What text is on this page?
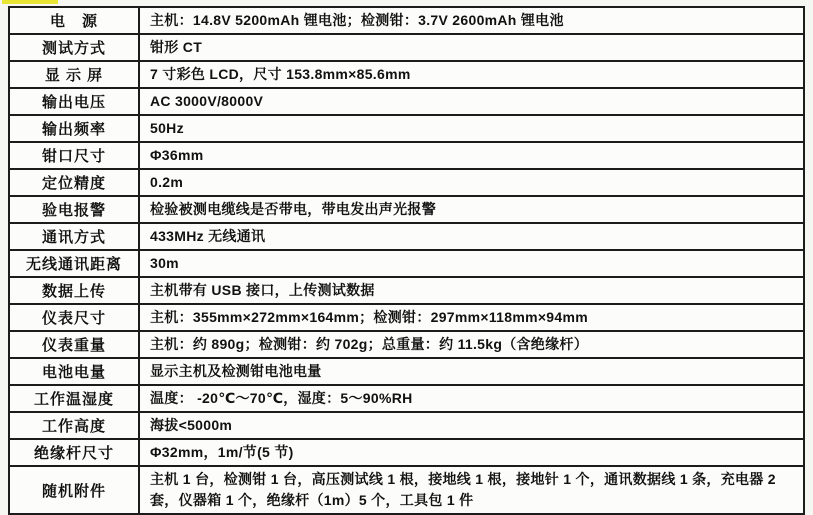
电　源	主机：14.8V 5200mAh 锂电池；检测钳：3.7V 2600mAh 锂电池
测试方式	钳形 CT
显 示 屏	7 寸彩色 LCD，尺寸 153.8mm×85.6mm
输出电压	AC 3000V/8000V
输出频率	50Hz
钳口尺寸	Φ36mm
定位精度	0.2m
验电报警	检验被测电缆线是否带电，带电发出声光报警
通讯方式	433MHz 无线通讯
无线通讯距离	30m
数据上传	主机带有 USB 接口，上传测试数据
仪表尺寸	主机：355mm×272mm×164mm；检测钳：297mm×118mm×94mm
仪表重量	主机：约 890g；检测钳：约 702g；总重量：约 11.5kg（含绝缘杆）
电池电量	显示主机及检测钳电池电量
工作温湿度	温度： -20℃～70℃，湿度：5～90%RH
工作高度	海拔<5000m
绝缘杆尺寸	Φ32mm，1m/节(5 节)
随机附件	主机 1 台，检测钳 1 台，高压测试线 1 根，接地线 1 根，接地针 1 个，通讯数据线 1 条，充电器 2 套，仪器箱 1 个，绝缘杆（1m）5 个，工具包 1 件
